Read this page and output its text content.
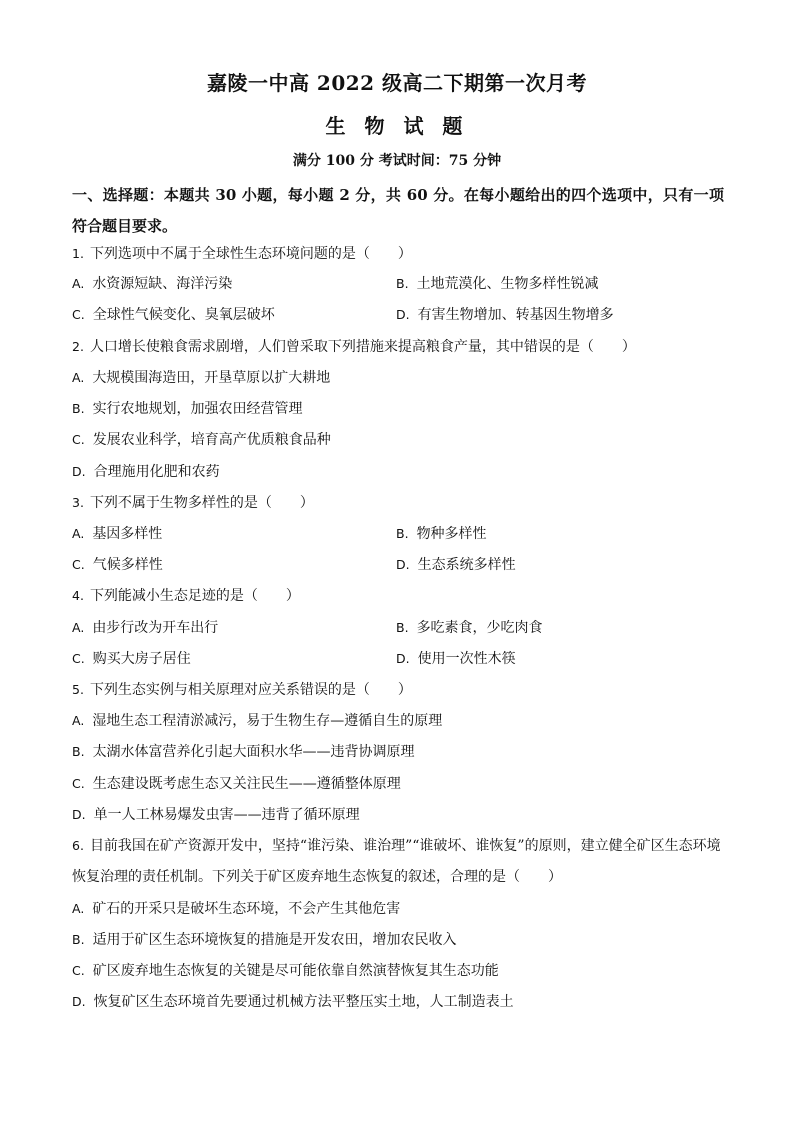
嘉陵一中高 2022 级高二下期第一次月考
生 物 试 题
满分 100 分 考试时间：75 分钟
一、选择题：本题共 30 小题，每小题 2 分，共 60 分。在每小题给出的四个选项中，只有一项符合题目要求。
1. 下列选项中不属于全球性生态环境问题的是（　　）
A. 水资源短缺、海洋污染	B. 土地荒漠化、生物多样性锐减
C. 全球性气候变化、臭氧层破坏	D. 有害生物增加、转基因生物增多
2. 人口增长使粮食需求剧增，人们曾采取下列措施来提高粮食产量，其中错误的是（　　）
A. 大规模围海造田，开垦草原以扩大耕地
B. 实行农地规划，加强农田经营管理
C. 发展农业科学，培育高产优质粮食品种
D. 合理施用化肥和农药
3. 下列不属于生物多样性的是（　　）
A. 基因多样性	B. 物种多样性
C. 气候多样性	D. 生态系统多样性
4. 下列能减小生态足迹的是（　　）
A. 由步行改为开车出行	B. 多吃素食，少吃肉食
C. 购买大房子居住	D. 使用一次性木筷
5. 下列生态实例与相关原理对应关系错误的是（　　）
A. 湿地生态工程清淤减污，易于生物生存—遵循自生的原理
B. 太湖水体富营养化引起大面积水华——违背协调原理
C. 生态建设既考虑生态又关注民生——遵循整体原理
D. 单一人工林易爆发虫害——违背了循环原理
6. 目前我国在矿产资源开发中，坚持“谁污染、谁治理”“谁破坏、谁恢复”的原则，建立健全矿区生态环境恢复治理的责任机制。下列关于矿区废弃地生态恢复的叙述，合理的是（　　）
A. 矿石的开采只是破坏生态环境，不会产生其他危害
B. 适用于矿区生态环境恢复的措施是开发农田，增加农民收入
C. 矿区废弃地生态恢复的关键是尽可能依靠自然演替恢复其生态功能
D. 恢复矿区生态环境首先要通过机械方法平整压实土地，人工制造表土
